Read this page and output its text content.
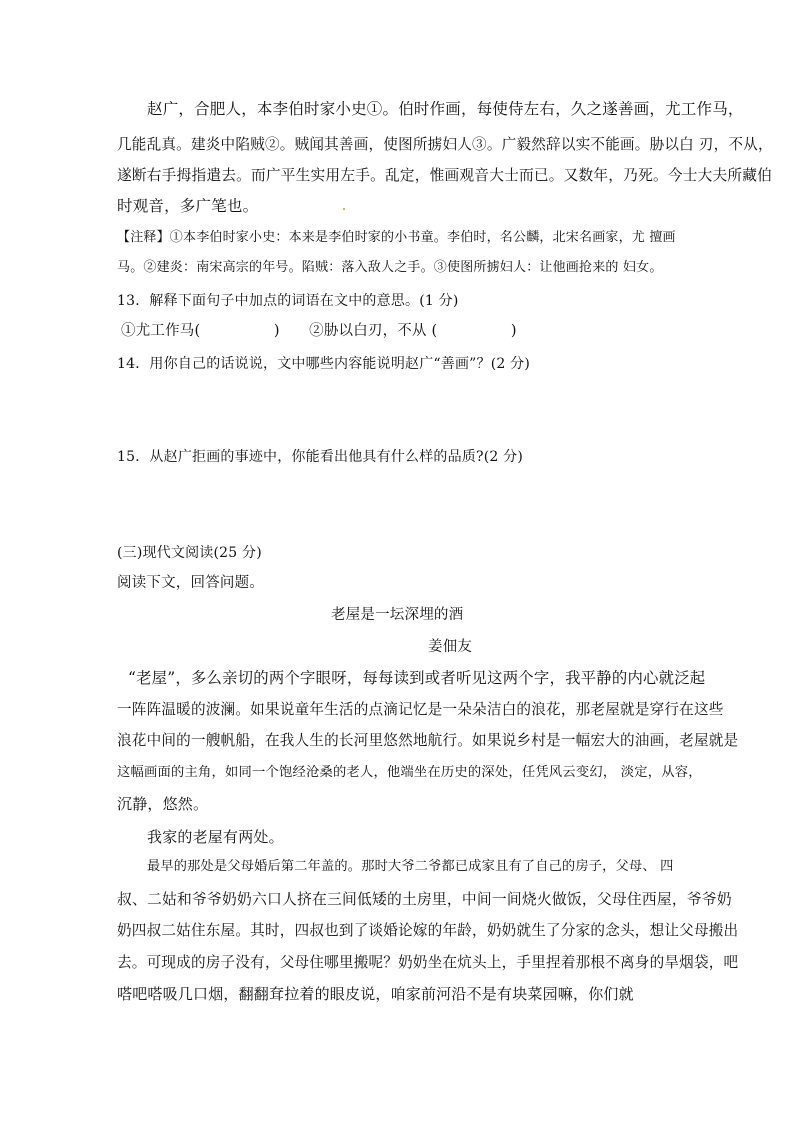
赵广，合肥人，本李伯时家小史①。伯时作画，每使侍左右，久之遂善画，尤工作马，
几能乱真。建炎中陷贼②。贼闻其善画，使图所掳妇人③。广毅然辞以实不能画。胁以白 刃，不从，
遂断右手拇指遣去。而广平生实用左手。乱定，惟画观音大士而已。又数年，乃死。今士大夫所藏伯
时观音，多广笔也。
【注释】①本李伯时家小史：本来是李伯时家的小书童。李伯时，名公麟，北宋名画家，尤 擅画
马。②建炎：南宋高宗的年号。陷贼：落入敌人之手。③使图所掳妇人：让他画抢来的 妇女。
13．解释下面句子中加点的词语在文中的意思。(1 分)
①尤工作马(　　　　　)　　②胁以白刃，不从 (　　　　　)
14．用你自己的话说说，文中哪些内容能说明赵广“善画”？(2 分)
15．从赵广拒画的事迹中，你能看出他具有什么样的品质?(2 分)
(三)现代文阅读(25 分)
阅读下文，回答问题。
老屋是一坛深埋的酒
姜佃友
“老屋”，多么亲切的两个字眼呀，每每读到或者听见这两个字，我平静的内心就泛起
一阵阵温暖的波澜。如果说童年生活的点滴记忆是一朵朵洁白的浪花，那老屋就是穿行在这些
浪花中间的一艘帆船，在我人生的长河里悠然地航行。如果说乡村是一幅宏大的油画，老屋就是
这幅画面的主角，如同一个饱经沧桑的老人，他端坐在历史的深处，任凭风云变幻， 淡定，从容，
沉静，悠然。
我家的老屋有两处。
最早的那处是父母婚后第二年盖的。那时大爷二爷都已成家且有了自己的房子，父母、 四
叔、二姑和爷爷奶奶六口人挤在三间低矮的土房里，中间一间烧火做饭，父母住西屋，爷爷奶
奶四叔二姑住东屋。其时，四叔也到了谈婚论嫁的年龄，奶奶就生了分家的念头，想让父母搬出
去。可现成的房子没有，父母住哪里搬呢？奶奶坐在炕头上，手里捏着那根不离身的旱烟袋，吧
嗒吧嗒吸几口烟，翻翻耷拉着的眼皮说，咱家前河沿不是有块菜园嘛，你们就
